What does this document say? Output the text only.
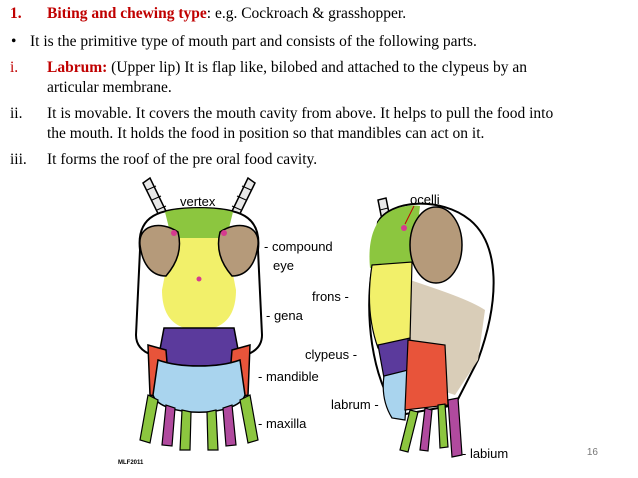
1. Biting and chewing type: e.g. Cockroach & grasshopper.
• It is the primitive type of mouth part and consists of the following parts.
i. Labrum: (Upper lip) It is flap like, bilobed and attached to the clypeus by an
articular membrane.
ii. It is movable. It covers the mouth cavity from above. It helps to pull the food into
the mouth. It holds the food in position so that mandibles can act on it.
iii. It forms the roof of the pre oral food cavity.
vertex
- compound
eye
frons -
- gena
clypeus -
- mandible
labrum -
- maxilla
ocelli
- labium
MLF2011
16
